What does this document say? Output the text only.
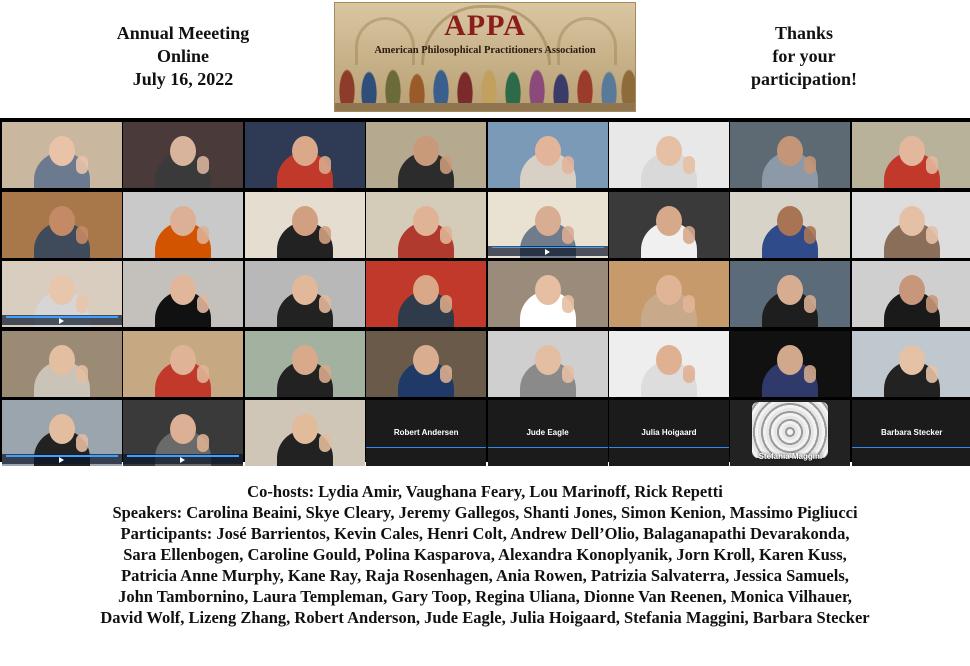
Annual Meeeting
Online
July 16, 2022
APPA
American Philosophical Practitioners Association
Thanks
for your
participation!
Robert Andersen	Jude Eagle	Julia Hoigaard
Stefania Maggini
Barbara Stecker
Co-hosts: Lydia Amir, Vaughana Feary, Lou Marinoff, Rick Repetti
Speakers: Carolina Beaini, Skye Cleary, Jeremy Gallegos, Shanti Jones, Simon Kenion, Massimo Pigliucci
Participants: José Barrientos, Kevin Cales, Henri Colt, Andrew Dell’Olio, Balaganapathi Devarakonda,
Sara Ellenbogen, Caroline Gould, Polina Kasparova, Alexandra Konoplyanik, Jorn Kroll, Karen Kuss,
Patricia Anne Murphy, Kane Ray, Raja Rosenhagen, Ania Rowen, Patrizia Salvaterra, Jessica Samuels,
John Tambornino, Laura Templeman, Gary Toop, Regina Uliana, Dionne Van Reenen, Monica Vilhauer,
David Wolf, Lizeng Zhang, Robert Anderson, Jude Eagle, Julia Hoigaard, Stefania Maggini, Barbara Stecker
